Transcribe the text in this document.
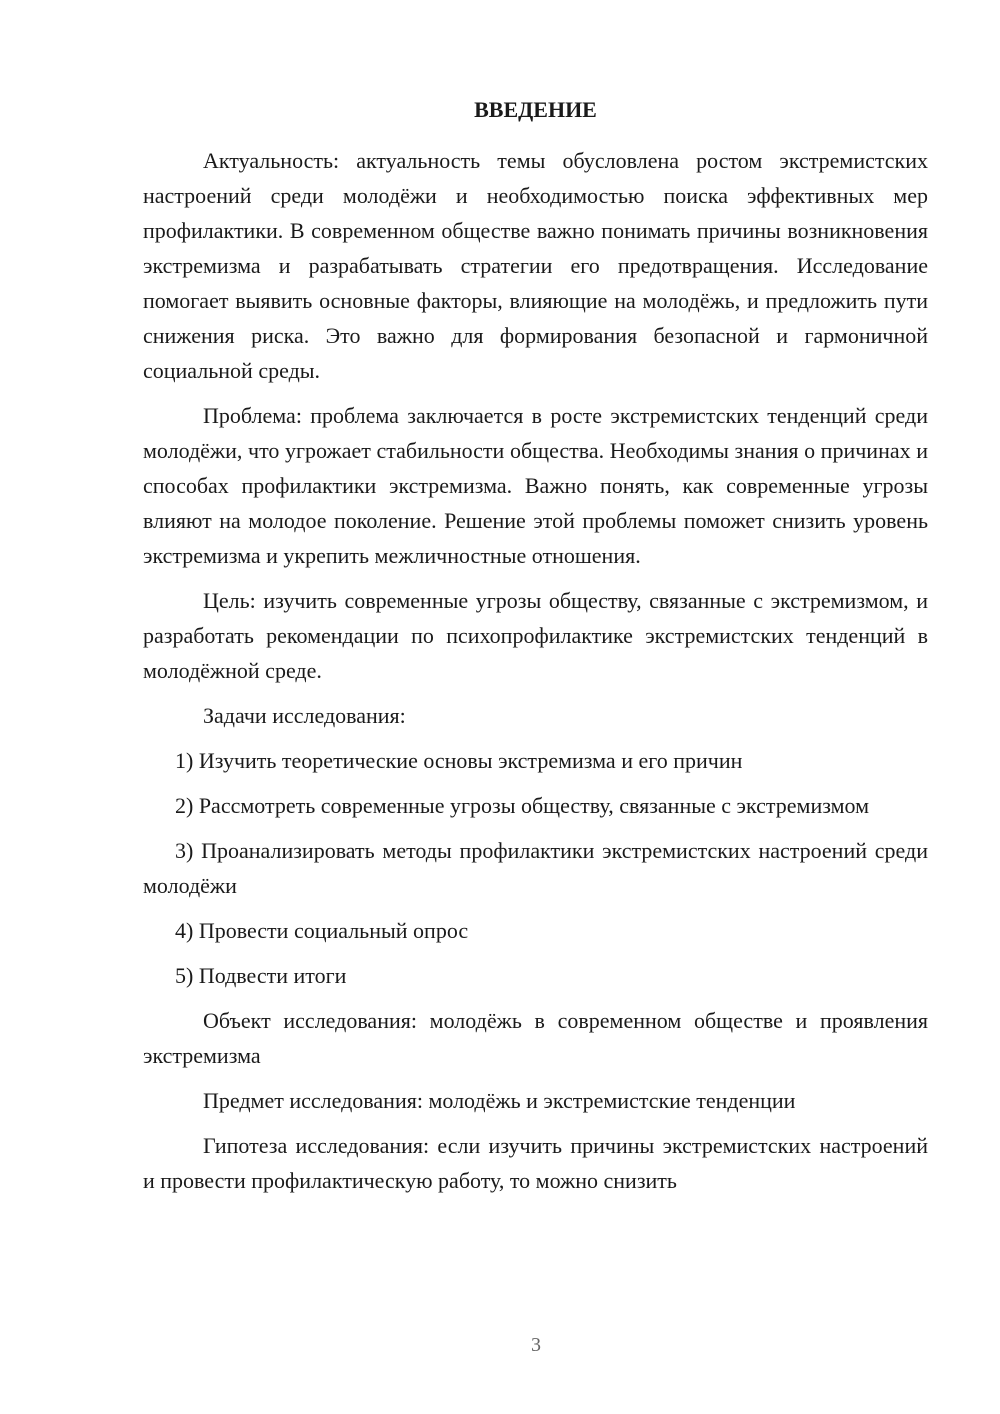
ВВЕДЕНИЕ

Актуальность: актуальность темы обусловлена ростом экстремистских настроений среди молодёжи и необходимостью поиска эффективных мер профилактики. В современном обществе важно понимать причины возникновения экстремизма и разрабатывать стратегии его предотвращения. Исследование помогает выявить основные факторы, влияющие на молодёжь, и предложить пути снижения риска. Это важно для формирования безопасной и гармоничной социальной среды.

Проблема: проблема заключается в росте экстремистских тенденций среди молодёжи, что угрожает стабильности общества. Необходимы знания о причинах и способах профилактики экстремизма. Важно понять, как современные угрозы влияют на молодое поколение. Решение этой проблемы поможет снизить уровень экстремизма и укрепить межличностные отношения.

Цель: изучить современные угрозы обществу, связанные с экстремизмом, и разработать рекомендации по психопрофилактике экстремистских тенденций в молодёжной среде.

Задачи исследования:

1) Изучить теоретические основы экстремизма и его причин

2) Рассмотреть современные угрозы обществу, связанные с экстремизмом

3) Проанализировать методы профилактики экстремистских настроений среди молодёжи

4) Провести социальный опрос

5) Подвести итоги

Объект исследования: молодёжь в современном обществе и проявления экстремизма

Предмет исследования: молодёжь и экстремистские тенденции

Гипотеза исследования: если изучить причины экстремистских настроений и провести профилактическую работу, то можно снизить

3
